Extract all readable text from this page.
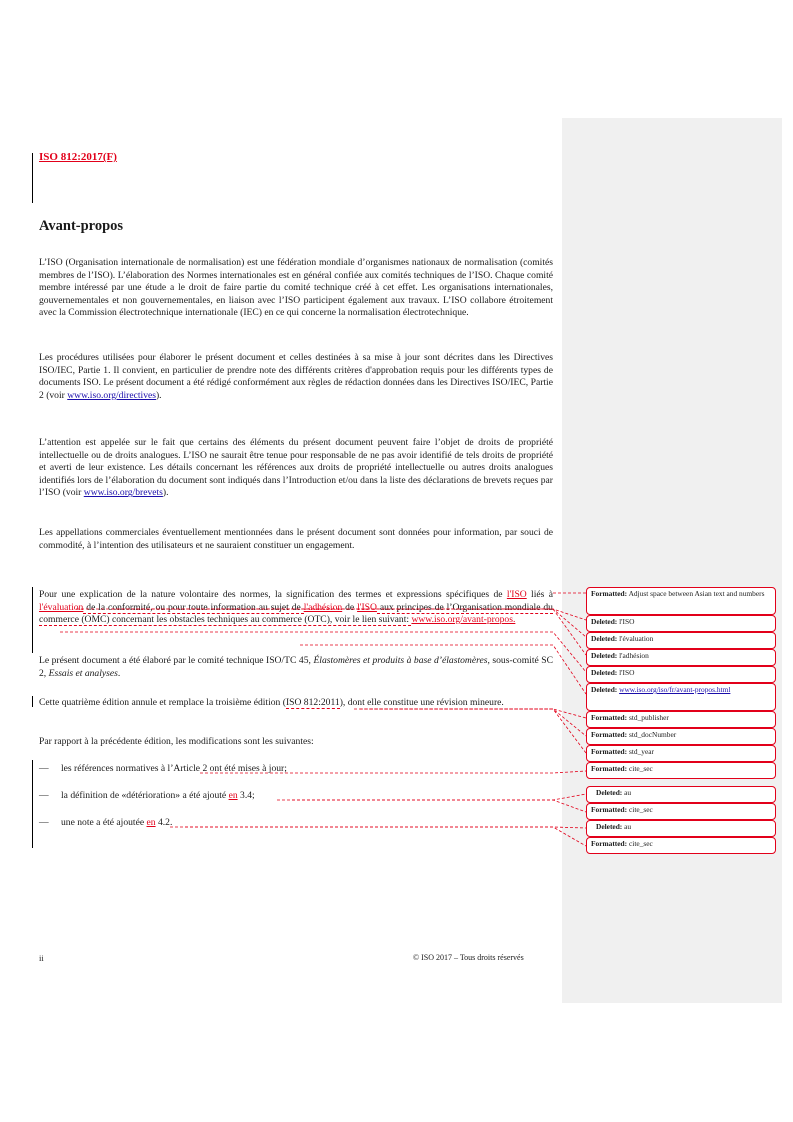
ISO 812:2017(F)
Avant-propos
L’ISO (Organisation internationale de normalisation) est une fédération mondiale d’organismes nationaux de normalisation (comités membres de l’ISO). L’élaboration des Normes internationales est en général confiée aux comités techniques de l’ISO. Chaque comité membre intéressé par une étude a le droit de faire partie du comité technique créé à cet effet. Les organisations internationales, gouvernementales et non gouvernementales, en liaison avec l’ISO participent également aux travaux. L’ISO collabore étroitement avec la Commission électrotechnique internationale (IEC) en ce qui concerne la normalisation électrotechnique.
Les procédures utilisées pour élaborer le présent document et celles destinées à sa mise à jour sont décrites dans les Directives ISO/IEC, Partie 1. Il convient, en particulier de prendre note des différents critères d'approbation requis pour les différents types de documents ISO. Le présent document a été rédigé conformément aux règles de rédaction données dans les Directives ISO/IEC, Partie 2 (voir www.iso.org/directives).
L’attention est appelée sur le fait que certains des éléments du présent document peuvent faire l’objet de droits de propriété intellectuelle ou de droits analogues. L’ISO ne saurait être tenue pour responsable de ne pas avoir identifié de tels droits de propriété et averti de leur existence. Les détails concernant les références aux droits de propriété intellectuelle ou autres droits analogues identifiés lors de l’élaboration du document sont indiqués dans l’Introduction et/ou dans la liste des déclarations de brevets reçues par l’ISO (voir www.iso.org/brevets).
Les appellations commerciales éventuellement mentionnées dans le présent document sont données pour information, par souci de commodité, à l’intention des utilisateurs et ne sauraient constituer un engagement.
Pour une explication de la nature volontaire des normes, la signification des termes et expressions spécifiques de l'ISO liés à l'évaluation de la conformité, ou pour toute information au sujet de l'adhésion de l'ISO aux principes de l’Organisation mondiale du commerce (OMC) concernant les obstacles techniques au commerce (OTC), voir le lien suivant: www.iso.org/avant-propos.
Le présent document a été élaboré par le comité technique ISO/TC 45, Élastomères et produits à base d’élastomères, sous-comité SC 2, Essais et analyses.
Cette quatrième édition annule et remplace la troisième édition (ISO 812:2011), dont elle constitue une révision mineure.
Par rapport à la précédente édition, les modifications sont les suivantes:
— les références normatives à l’Article 2 ont été mises à jour;
— la définition de «détérioration» a été ajouté en 3.4;
— une note a été ajoutée en 4.2.
ii	© ISO 2017 – Tous droits réservés
Formatted: Adjust space between Asian text and numbers
Deleted: l'ISO
Deleted: l'évaluation
Deleted: l'adhésion
Deleted: l'ISO
Deleted: www.iso.org/iso/fr/avant-propos.html
Formatted: std_publisher
Formatted: std_docNumber
Formatted: std_year
Formatted: cite_sec
Deleted: au
Formatted: cite_sec
Deleted: au
Formatted: cite_sec
